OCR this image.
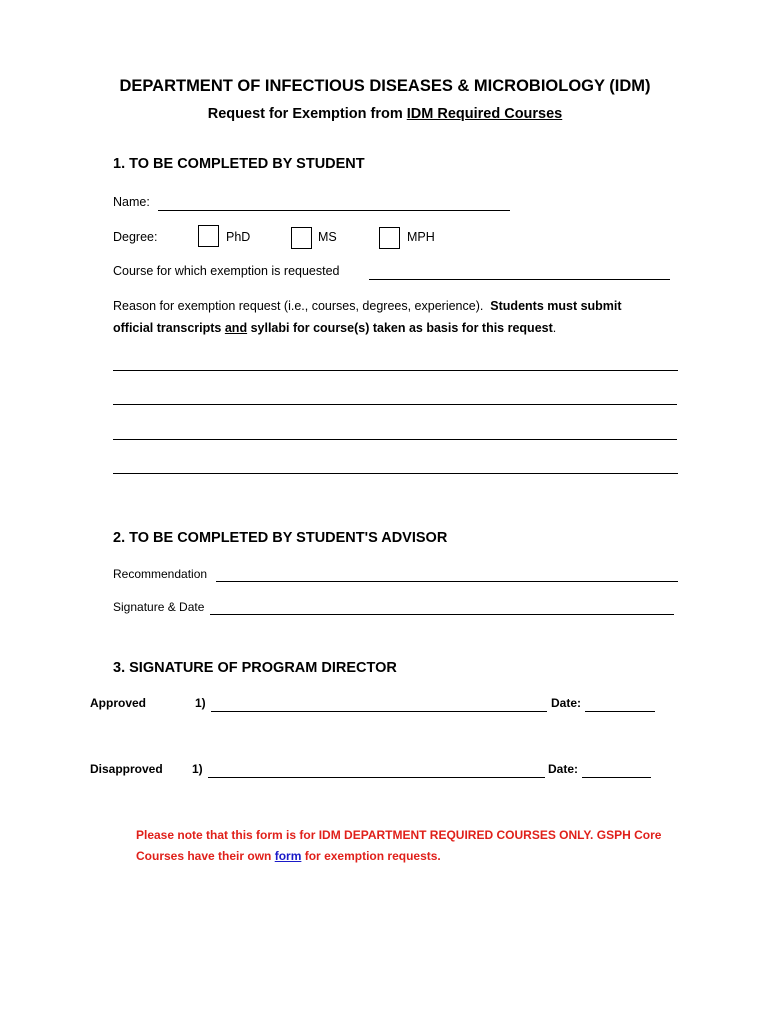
DEPARTMENT OF INFECTIOUS DISEASES & MICROBIOLOGY (IDM)
Request for Exemption from IDM Required Courses
1. TO BE COMPLETED BY STUDENT
Name:
Degree:	PhD	MS	MPH
Course for which exemption is requested
Reason for exemption request (i.e., courses, degrees, experience). Students must submit
official transcripts and syllabi for course(s) taken as basis for this request.
2. TO BE COMPLETED BY STUDENT'S ADVISOR
Recommendation
Signature & Date
3. SIGNATURE OF PROGRAM DIRECTOR
Approved	1)	Date:
Disapproved 1)	Date:
Please note that this form is for IDM DEPARTMENT REQUIRED COURSES ONLY. GSPH Core
Courses have their own form for exemption requests.
